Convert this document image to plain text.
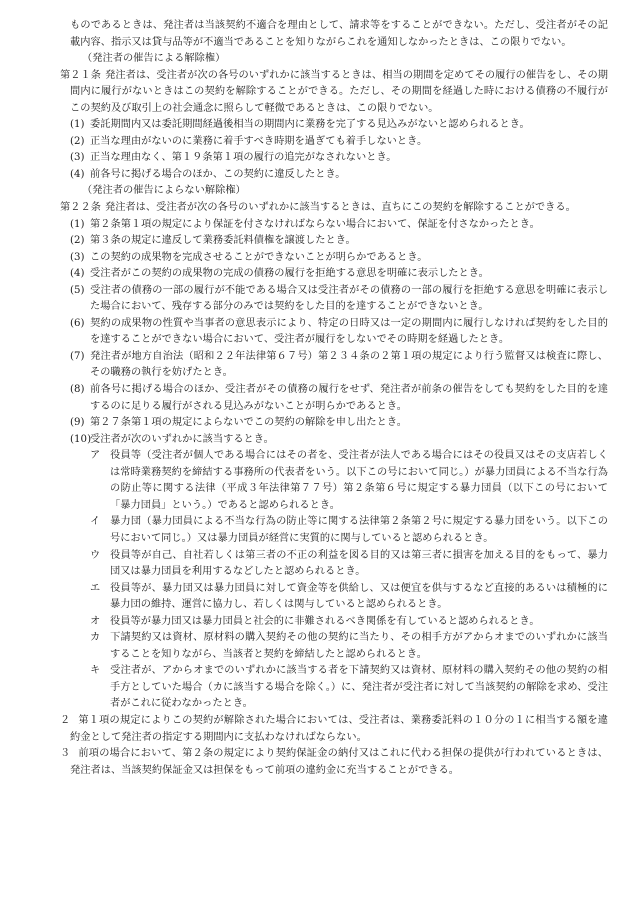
ものであるときは、発注者は当該契約不適合を理由として、請求等をすることができない。ただし、受注者がその記載内容、指示又は貸与品等が不適当であることを知りながらこれを通知しなかったときは、この限りでない。

（発注者の催告による解除権）

第２１条 発注者は、受注者が次の各号のいずれかに該当するときは、相当の期間を定めてその履行の催告をし、その期間内に履行がないときはこの契約を解除することができる。ただし、その期間を経過した時における債務の不履行がこの契約及び取引上の社会通念に照らして軽微であるときは、この限りでない。

(1) 委託期間内又は委託期間経過後相当の期間内に業務を完了する見込みがないと認められるとき。

(2) 正当な理由がないのに業務に着手すべき時期を過ぎても着手しないとき。

(3) 正当な理由なく、第１９条第１項の履行の追完がなされないとき。

(4) 前各号に掲げる場合のほか、この契約に違反したとき。

（発注者の催告によらない解除権）

第２２条 発注者は、受注者が次の各号のいずれかに該当するときは、直ちにこの契約を解除することができる。

(1) 第２条第１項の規定により保証を付さなければならない場合において、保証を付さなかったとき。

(2) 第３条の規定に違反して業務委託料債権を譲渡したとき。

(3) この契約の成果物を完成させることができないことが明らかであるとき。

(4) 受注者がこの契約の成果物の完成の債務の履行を拒絶する意思を明確に表示したとき。

(5) 受注者の債務の一部の履行が不能である場合又は受注者がその債務の一部の履行を拒絶する意思を明確に表示した場合において、残存する部分のみでは契約をした目的を達することができないとき。

(6) 契約の成果物の性質や当事者の意思表示により、特定の日時又は一定の期間内に履行しなければ契約をした目的を達することができない場合において、受注者が履行をしないでその時期を経過したとき。

(7) 発注者が地方自治法（昭和２２年法律第６７号）第２３４条の２第１項の規定により行う監督又は検査に際し、その職務の執行を妨げたとき。

(8) 前各号に掲げる場合のほか、受注者がその債務の履行をせず、発注者が前条の催告をしても契約をした目的を達するのに足りる履行がされる見込みがないことが明らかであるとき。

(9) 第２７条第１項の規定によらないでこの契約の解除を申し出たとき。

(10)受注者が次のいずれかに該当するとき。

ア 役員等（受注者が個人である場合にはその者を、受注者が法人である場合にはその役員又はその支店若しくは常時業務契約を締結する事務所の代表者をいう。以下この号において同じ。）が暴力団員による不当な行為の防止等に関する法律（平成３年法律第７７号）第２条第６号に規定する暴力団員（以下この号において「暴力団員」という。）であると認められるとき。

イ 暴力団（暴力団員による不当な行為の防止等に関する法律第２条第２号に規定する暴力団をいう。以下この号において同じ。）又は暴力団員が経営に実質的に関与していると認められるとき。

ウ 役員等が自己、自社若しくは第三者の不正の利益を図る目的又は第三者に損害を加える目的をもって、暴力団又は暴力団員を利用するなどしたと認められるとき。

エ 役員等が、暴力団又は暴力団員に対して資金等を供給し、又は便宜を供与するなど直接的あるいは積極的に暴力団の維持、運営に協力し、若しくは関与していると認められるとき。

オ 役員等が暴力団又は暴力団員と社会的に非難されるべき関係を有していると認められるとき。

カ 下請契約又は資材、原材料の購入契約その他の契約に当たり、その相手方がアからオまでのいずれかに該当することを知りながら、当該者と契約を締結したと認められるとき。

キ 受注者が、アからオまでのいずれかに該当する者を下請契約又は資材、原材料の購入契約その他の契約の相手方としていた場合（カに該当する場合を除く。）に、発注者が受注者に対して当該契約の解除を求め、受注者がこれに従わなかったとき。

２ 第１項の規定によりこの契約が解除された場合においては、受注者は、業務委託料の１０分の１に相当する額を違約金として発注者の指定する期間内に支払わなければならない。

３ 前項の場合において、第２条の規定により契約保証金の納付又はこれに代わる担保の提供が行われているときは、発注者は、当該契約保証金又は担保をもって前項の違約金に充当することができる。
